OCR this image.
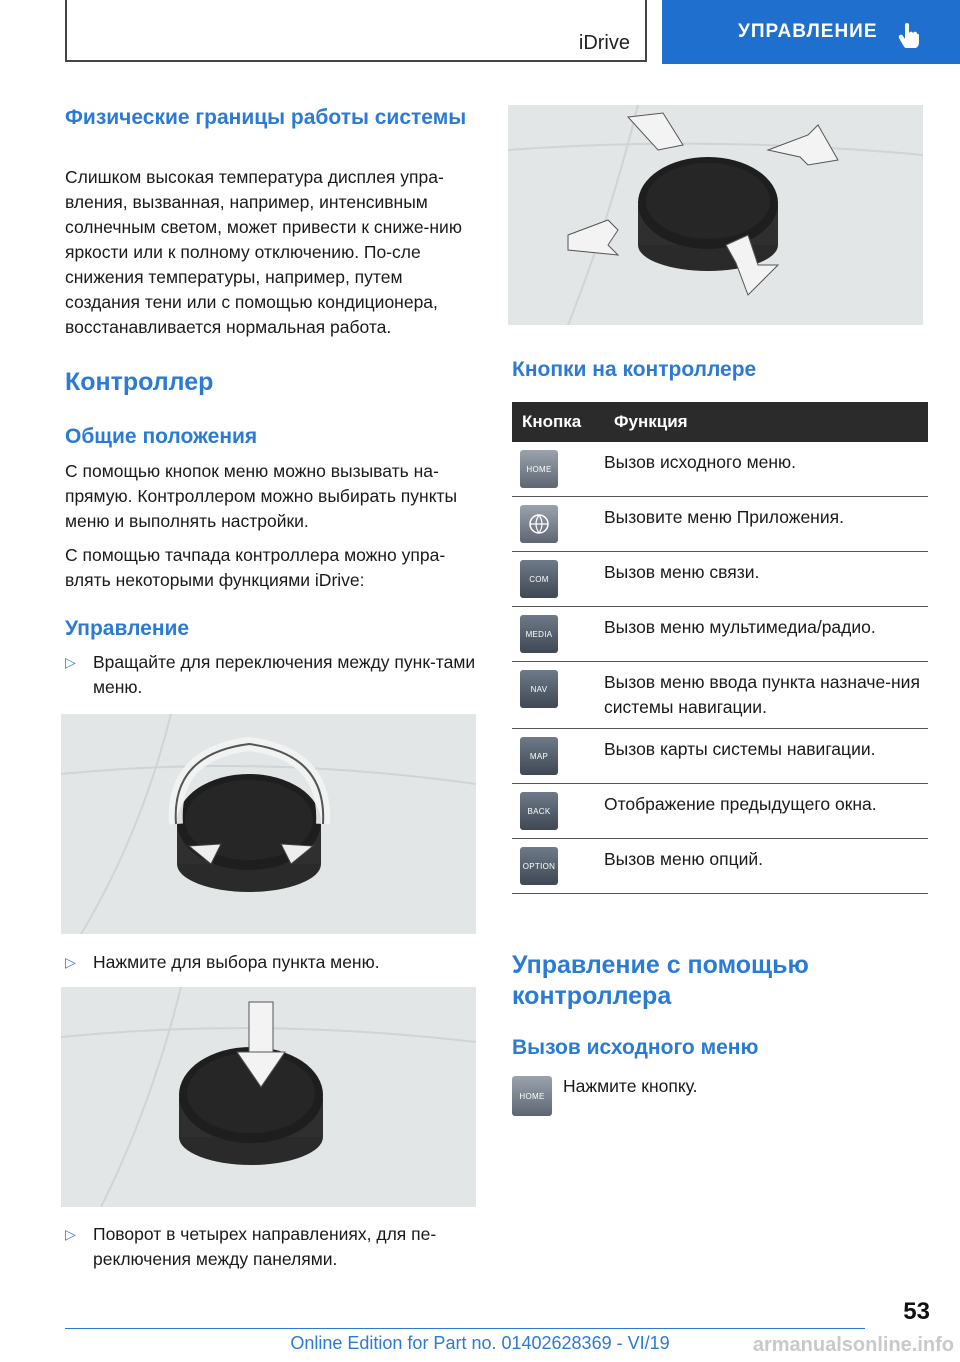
iDrive
УПРАВЛЕНИЕ
Физические границы работы системы

Слишком высокая температура дисплея упра-вления, вызванная, например, интенсивным солнечным светом, может привести к сниже-нию яркости или к полному отключению. По-сле снижения температуры, например, путем создания тени или с помощью кондиционера, восстанавливается нормальная работа.

Контроллер
Общие положения

С помощью кнопок меню можно вызывать на-прямую. Контроллером можно выбирать пункты меню и выполнять настройки.

С помощью тачпада контроллера можно упра-влять некоторыми функциями iDrive:

Управление
▷ Вращайте для переключения между пунк-тами меню.
▷ Нажмите для выбора пункта меню.
▷ Поворот в четырех направлениях, для пе-реключения между панелями.
Кнопки на контроллере
Кнопка	Функция

HOME	Вызов исходного меню.

	Вызовите меню Приложения.

COM	Вызов меню связи.

MEDIA	Вызов меню мультимедиа/радио.

NAV	Вызов меню ввода пункта назначе-ния системы навигации.

MAP	Вызов карты системы навигации.

BACK	Отображение предыдущего окна.

OPTION	Вызов меню опций.
Управление с помощью контроллера
Вызов исходного меню
HOME	Нажмите кнопку.

53
Online Edition for Part no. 01402628369 - VI/19	armanualsonline.info
